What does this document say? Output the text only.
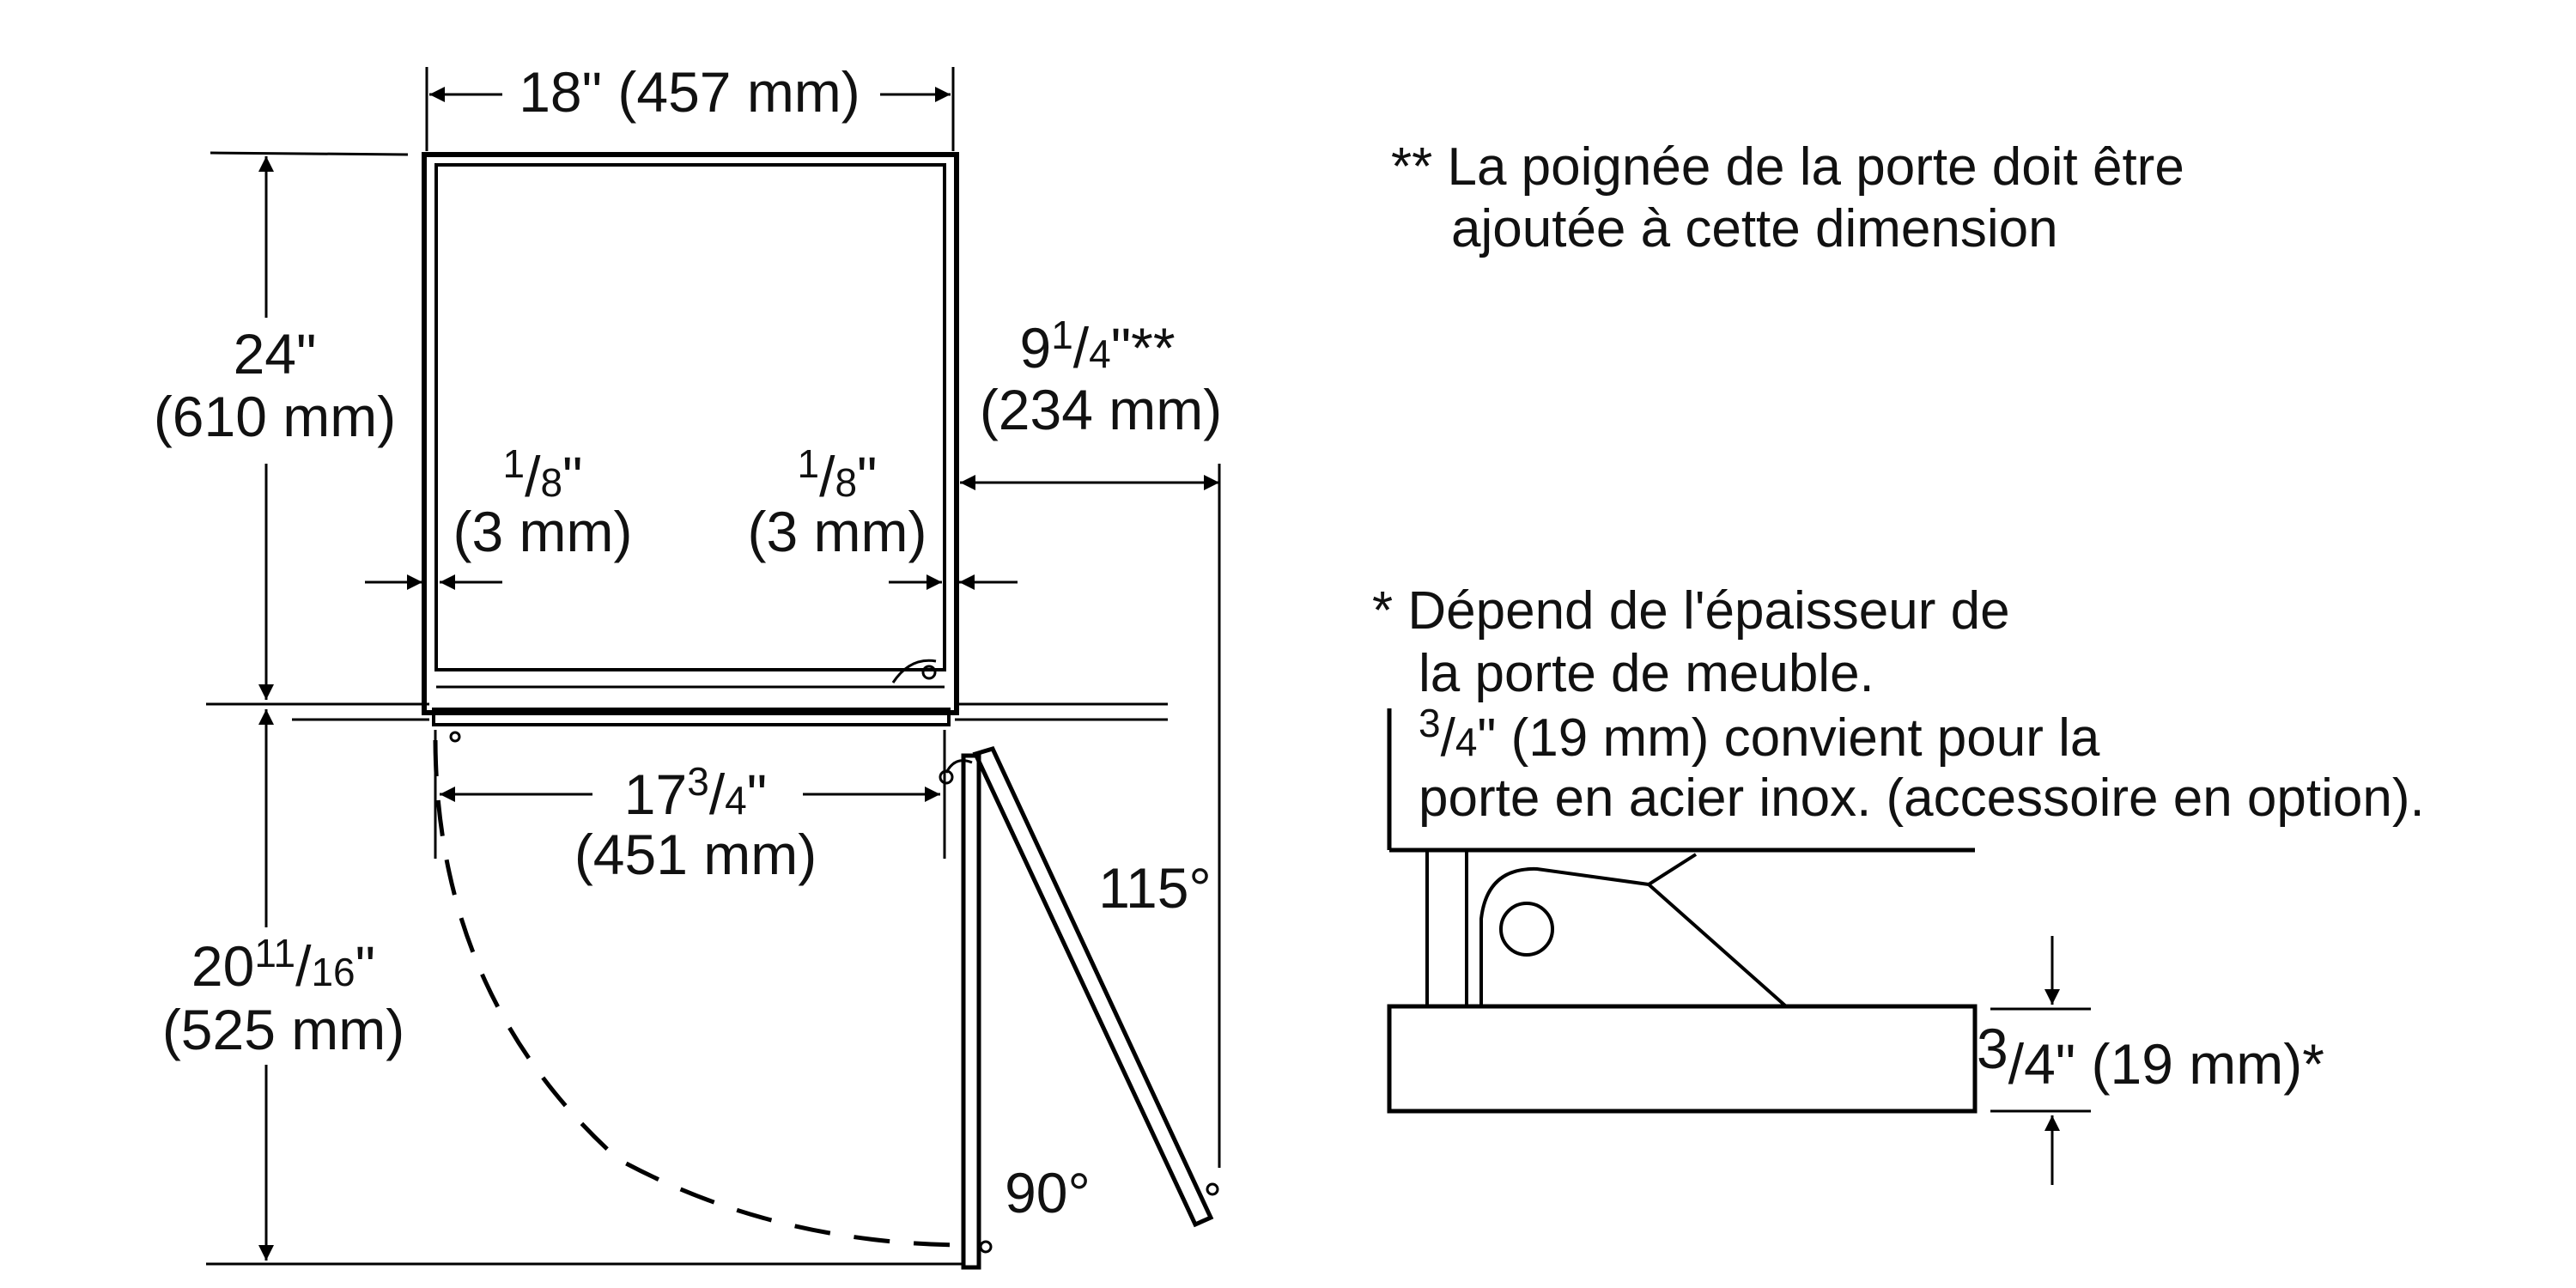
18" (457 mm)
24"
(610 mm)
$^1$/8"
(3 mm)
$^1$/8"
(3 mm)
$9^1/4"**$
(234 mm)
$17^3/4$"
(451 mm)
$20^{11}/16$"
(525 mm)
115°
90°
** La poignée de la porte doit être
ajoutée à cette dimension
* Dépend de l'épaisseur de
la porte de meuble.
$^3$/4" (19 mm) convient pour la
porte en acier inox. (accessoire en option).
3/4" (19 mm)*
